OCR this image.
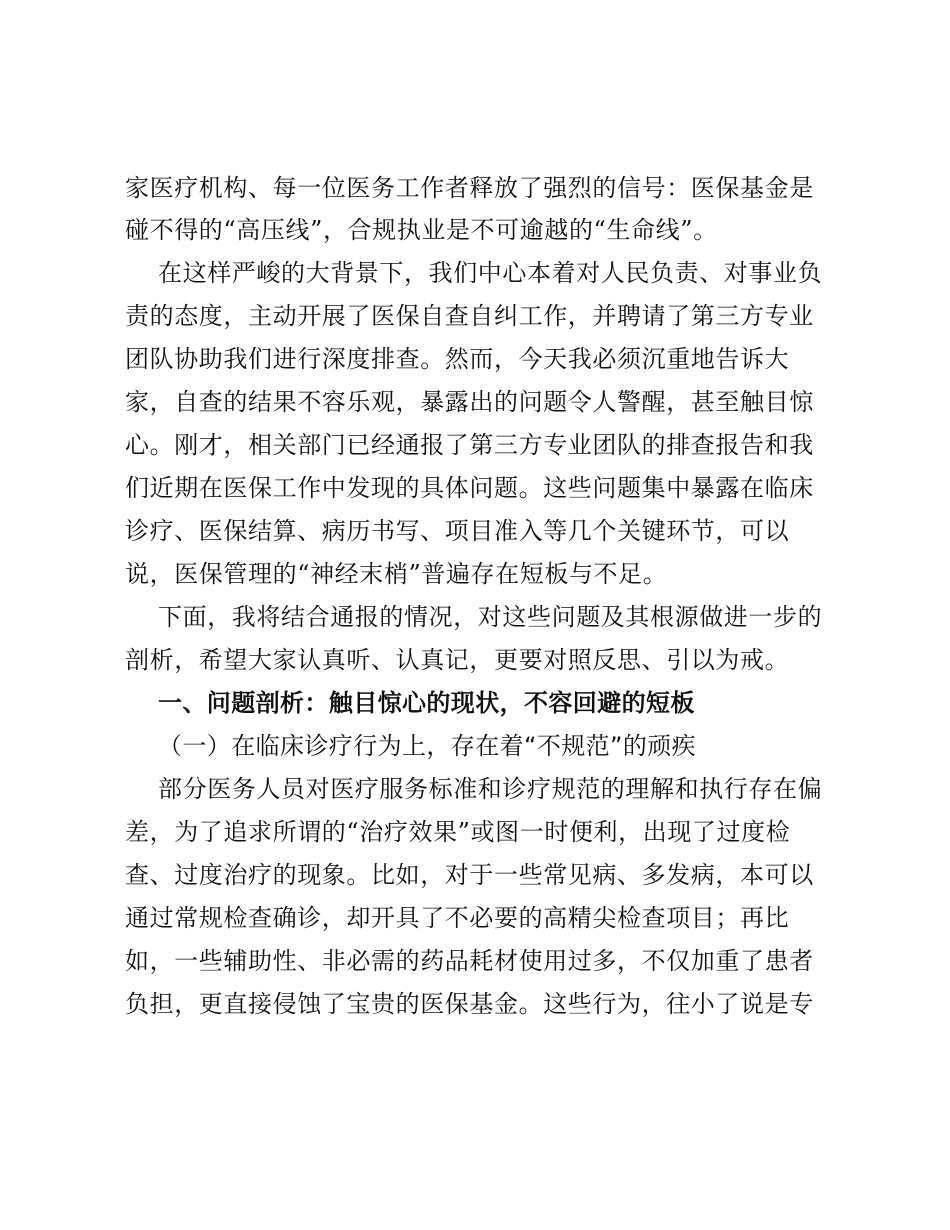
家医疗机构、每一位医务工作者释放了强烈的信号：医保基金是
碰不得的“高压线”，合规执业是不可逾越的“生命线”。
在这样严峻的大背景下，我们中心本着对人民负责、对事业负
责的态度，主动开展了医保自查自纠工作，并聘请了第三方专业
团队协助我们进行深度排查。然而，今天我必须沉重地告诉大
家，自查的结果不容乐观，暴露出的问题令人警醒，甚至触目惊
心。刚才，相关部门已经通报了第三方专业团队的排查报告和我
们近期在医保工作中发现的具体问题。这些问题集中暴露在临床
诊疗、医保结算、病历书写、项目准入等几个关键环节，可以
说，医保管理的“神经末梢”普遍存在短板与不足。
下面，我将结合通报的情况，对这些问题及其根源做进一步的
剖析，希望大家认真听、认真记，更要对照反思、引以为戒。
一、问题剖析：触目惊心的现状，不容回避的短板
（一）在临床诊疗行为上，存在着“不规范”的顽疾
部分医务人员对医疗服务标准和诊疗规范的理解和执行存在偏
差，为了追求所谓的“治疗效果”或图一时便利，出现了过度检
查、过度治疗的现象。比如，对于一些常见病、多发病，本可以
通过常规检查确诊，却开具了不必要的高精尖检查项目；再比
如，一些辅助性、非必需的药品耗材使用过多，不仅加重了患者
负担，更直接侵蚀了宝贵的医保基金。这些行为，往小了说是专
